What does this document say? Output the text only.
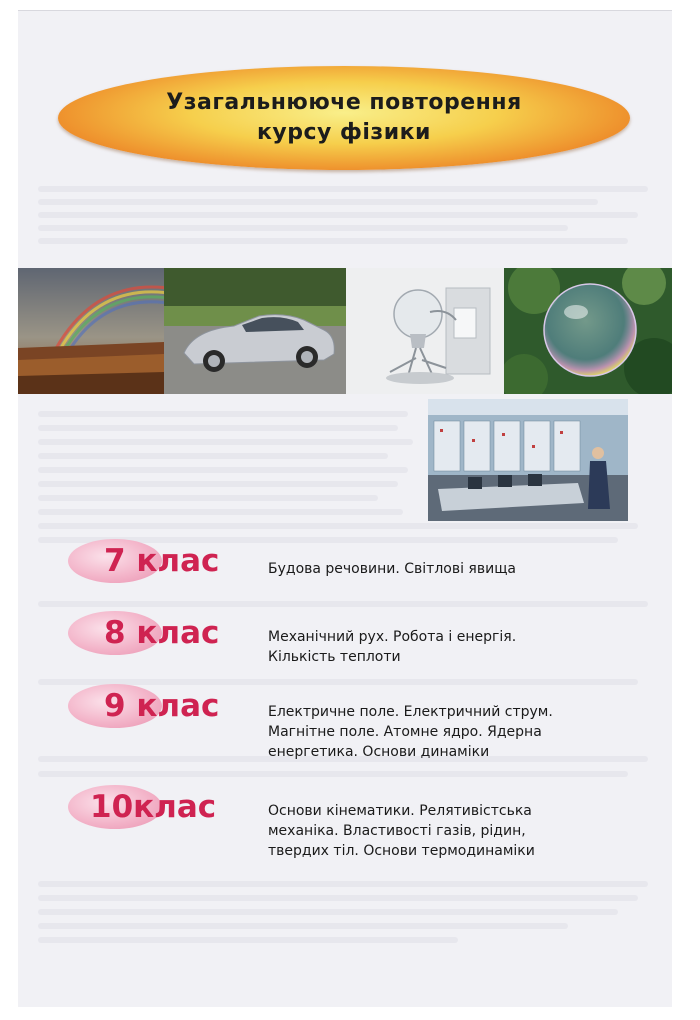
Узагальнююче повторення
курсу фізики
7 клас	Будова речовини. Світлові явища
8 клас	Механічний рух. Робота і енергія.
Кількість теплоти
9 клас	Електричне поле. Електричний струм.
Магнітне поле. Атомне ядро. Ядерна
енергетика. Основи динаміки
10клас	Основи кінематики. Релятивістська
механіка. Властивості газів, рідин,
твердих тіл. Основи термодинаміки
